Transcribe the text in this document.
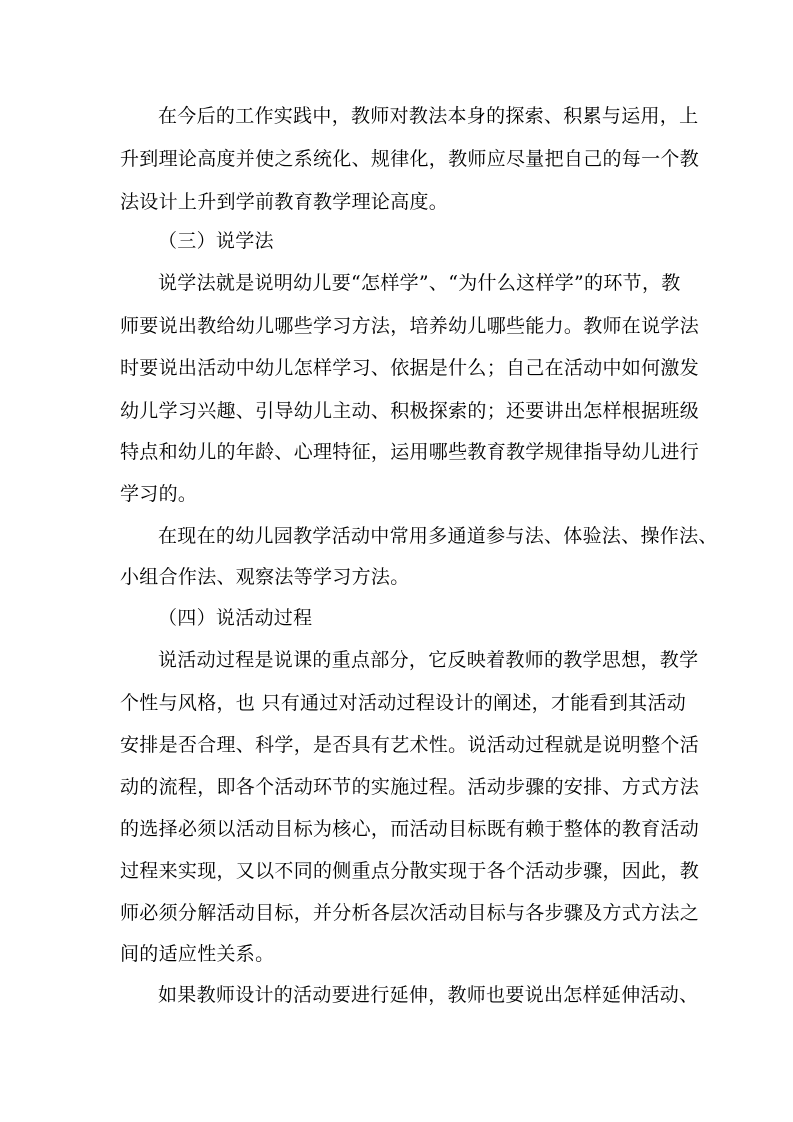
在今后的工作实践中，教师对教法本身的探索、积累与运用，上
升到理论高度并使之系统化、规律化，教师应尽量把自己的每一个教
法设计上升到学前教育教学理论高度。
（三）说学法
说学法就是说明幼儿要“怎样学”、“为什么这样学”的环节，教
师要说出教给幼儿哪些学习方法，培养幼儿哪些能力。教师在说学法
时要说出活动中幼儿怎样学习、依据是什么；自己在活动中如何激发
幼儿学习兴趣、引导幼儿主动、积极探索的；还要讲出怎样根据班级
特点和幼儿的年龄、心理特征，运用哪些教育教学规律指导幼儿进行
学习的。
在现在的幼儿园教学活动中常用多通道参与法、体验法、操作法、
小组合作法、观察法等学习方法。
（四）说活动过程
说活动过程是说课的重点部分，它反映着教师的教学思想，教学
个性与风格，也 只有通过对活动过程设计的阐述，才能看到其活动
安排是否合理、科学，是否具有艺术性。说活动过程就是说明整个活
动的流程，即各个活动环节的实施过程。活动步骤的安排、方式方法
的选择必须以活动目标为核心，而活动目标既有赖于整体的教育活动
过程来实现，又以不同的侧重点分散实现于各个活动步骤，因此，教
师必须分解活动目标，并分析各层次活动目标与各步骤及方式方法之
间的适应性关系。
如果教师设计的活动要进行延伸，教师也要说出怎样延伸活动、
